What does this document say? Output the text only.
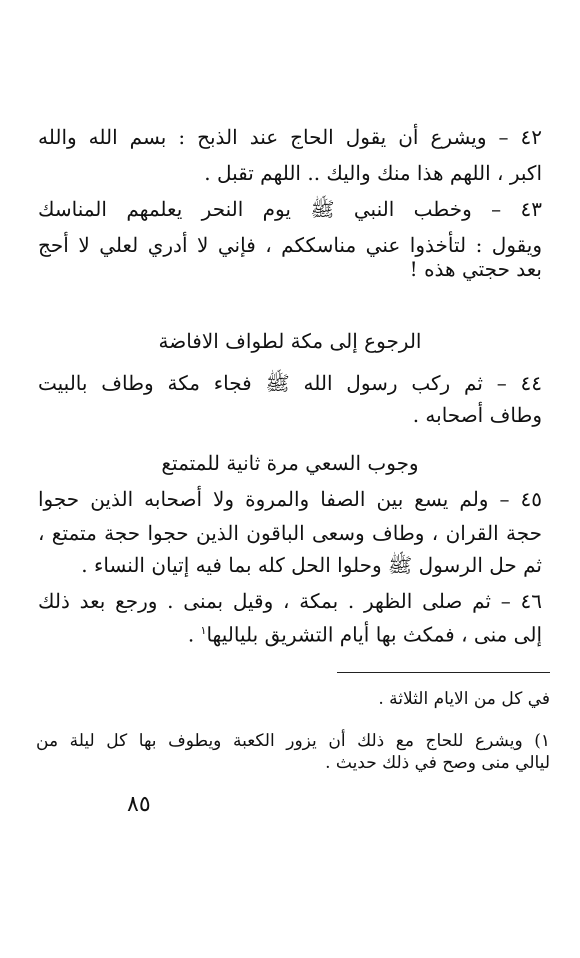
٤٢ – ويشرع أن يقول الحاج عند الذبح : بسم الله والله
اكبر ، اللهم هذا منك واليك .. اللهم تقبل .
٤٣ – وخطب النبي ﷺ يوم النحر يعلمهم المناسك
ويقول : لتأخذوا عني مناسككم ، فإني لا أدري لعلي لا أحج
بعد حجتي هذه !
الرجوع إلى مكة لطواف الافاضة
٤٤ – ثم ركب رسول الله ﷺ فجاء مكة وطاف بالبيت
وطاف أصحابه .
وجوب السعي مرة ثانية للمتمتع
٤٥ – ولم يسع بين الصفا والمروة ولا أصحابه الذين حجوا
حجة القران ، وطاف وسعى الباقون الذين حجوا حجة متمتع ،
ثم حل الرسول ﷺ وحلوا الحل كله بما فيه إتيان النساء .
٤٦ – ثم صلى الظهر . بمكة ، وقيل بمنى . ورجع بعد ذلك
إلى منى ، فمكث بها أيام التشريق بلياليها$^١$ .
في كل من الايام الثلاثة .
١) ويشرع للحاج مع ذلك أن يزور الكعبة ويطوف بها كل ليلة من
ليالي منى وصح في ذلك حديث .
٨٥
